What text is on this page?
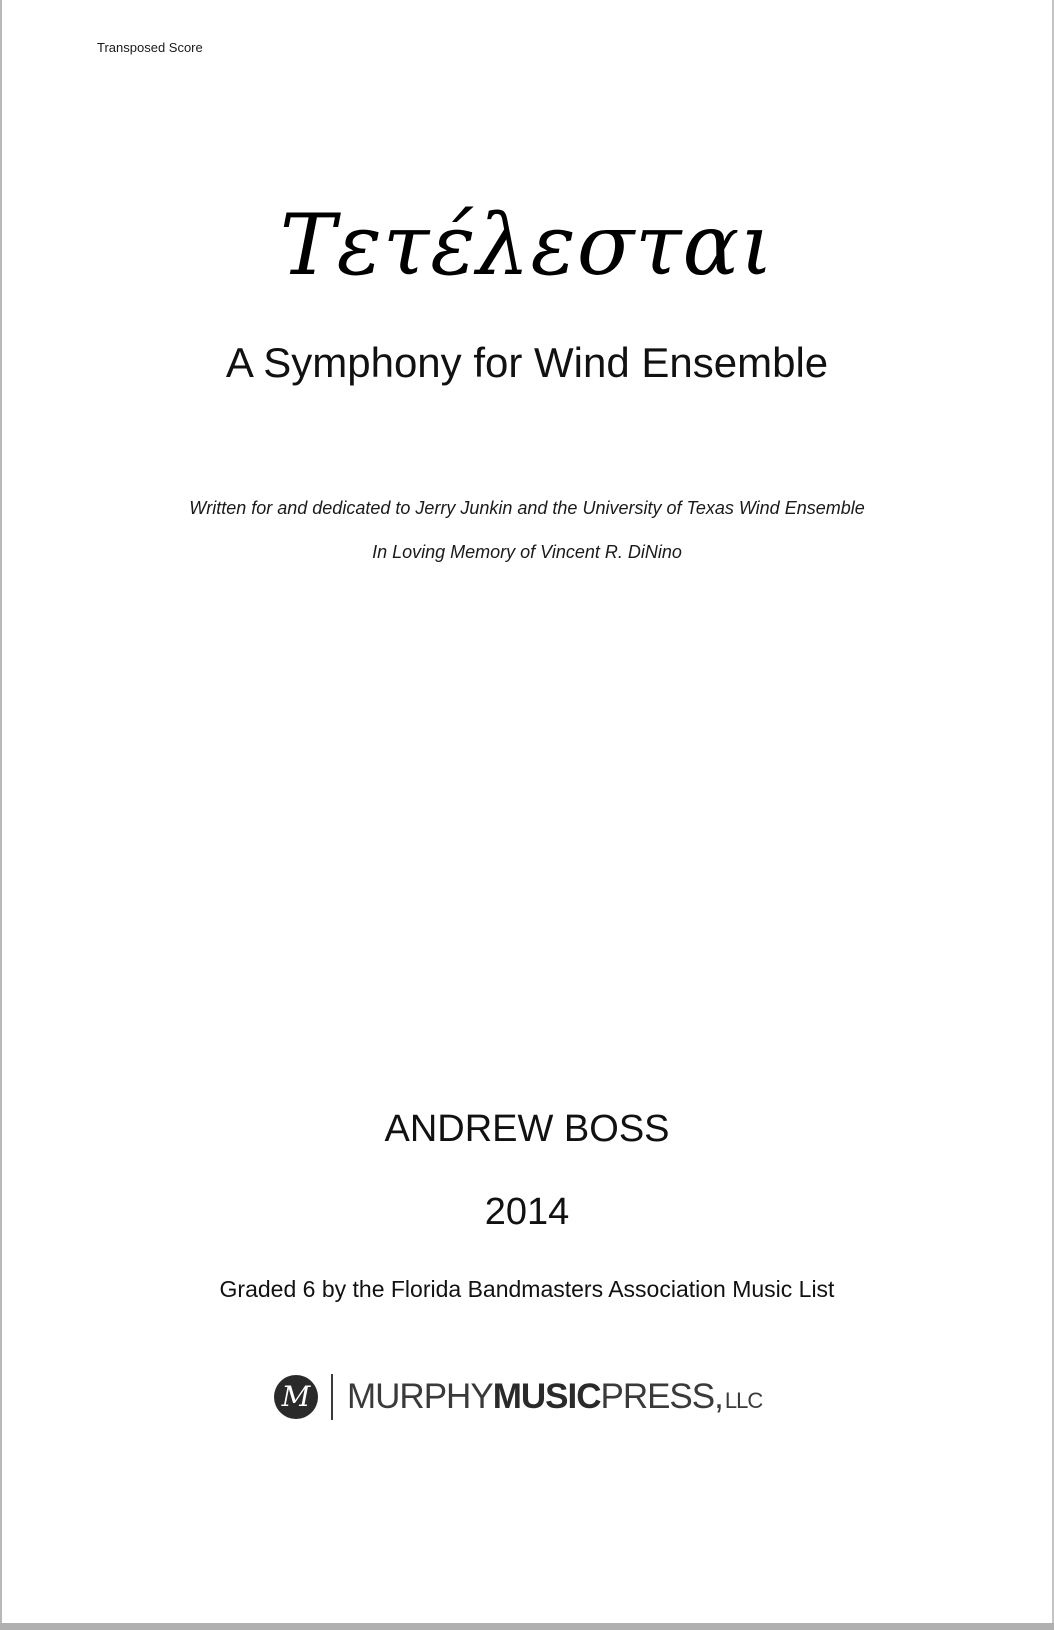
Transposed Score
Τετέλεσται
A Symphony for Wind Ensemble
Written for and dedicated to Jerry Junkin and the University of Texas Wind Ensemble
In Loving Memory of Vincent R. DiNino
ANDREW BOSS
2014
Graded 6 by the Florida Bandmasters Association Music List
M MURPHY MUSIC PRESS, LLC
